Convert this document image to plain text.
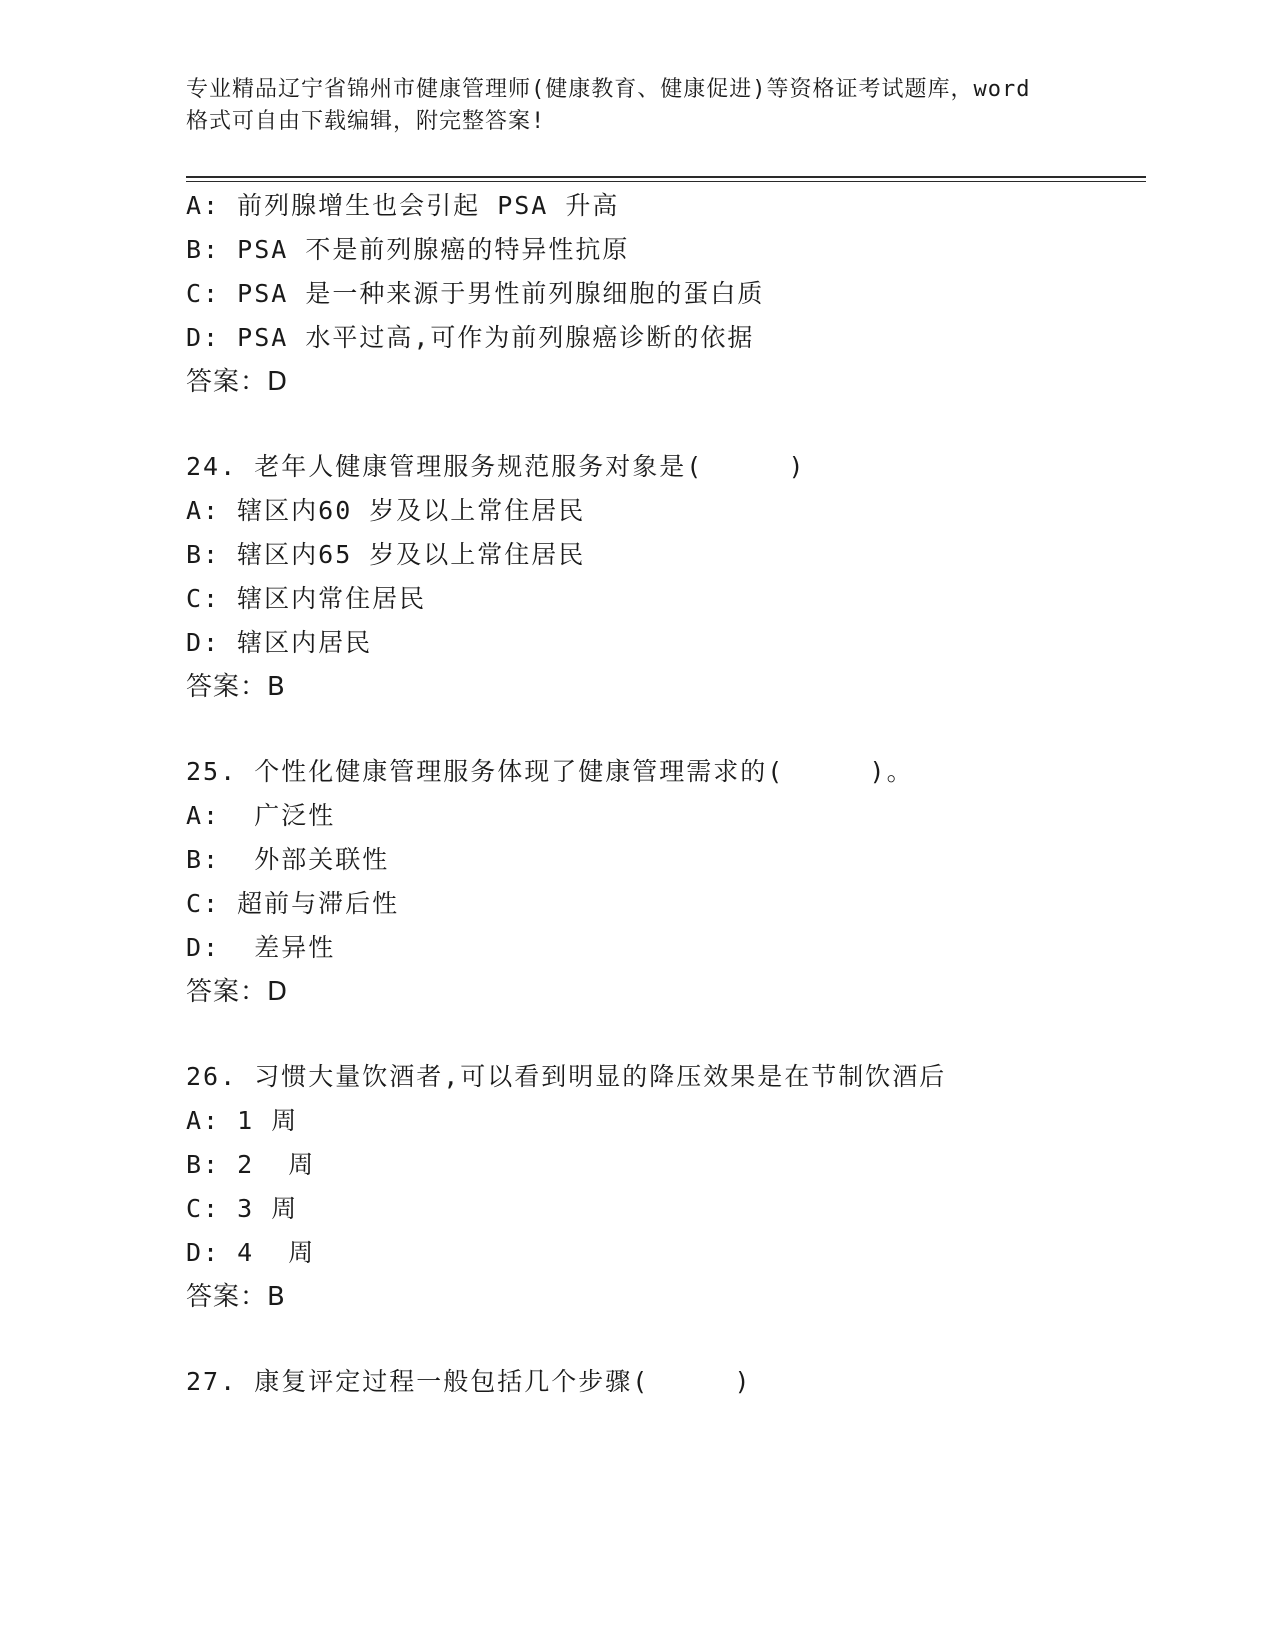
专业精品辽宁省锦州市健康管理师(健康教育、健康促进)等资格证考试题库，word
格式可自由下载编辑，附完整答案!
A: 前列腺增生也会引起 PSA 升高
B: PSA 不是前列腺癌的特异性抗原
C: PSA 是一种来源于男性前列腺细胞的蛋白质
D: PSA 水平过高,可作为前列腺癌诊断的依据
答案：D
24. 老年人健康管理服务规范服务对象是(     )
A: 辖区内60 岁及以上常住居民
B: 辖区内65 岁及以上常住居民
C: 辖区内常住居民
D: 辖区内居民
答案：B
25. 个性化健康管理服务体现了健康管理需求的(     )。
A:  广泛性
B:  外部关联性
C: 超前与滞后性
D:  差异性
答案：D
26. 习惯大量饮酒者,可以看到明显的降压效果是在节制饮酒后
A: 1 周
B: 2  周
C: 3 周
D: 4  周
答案：B
27. 康复评定过程一般包括几个步骤(     )
